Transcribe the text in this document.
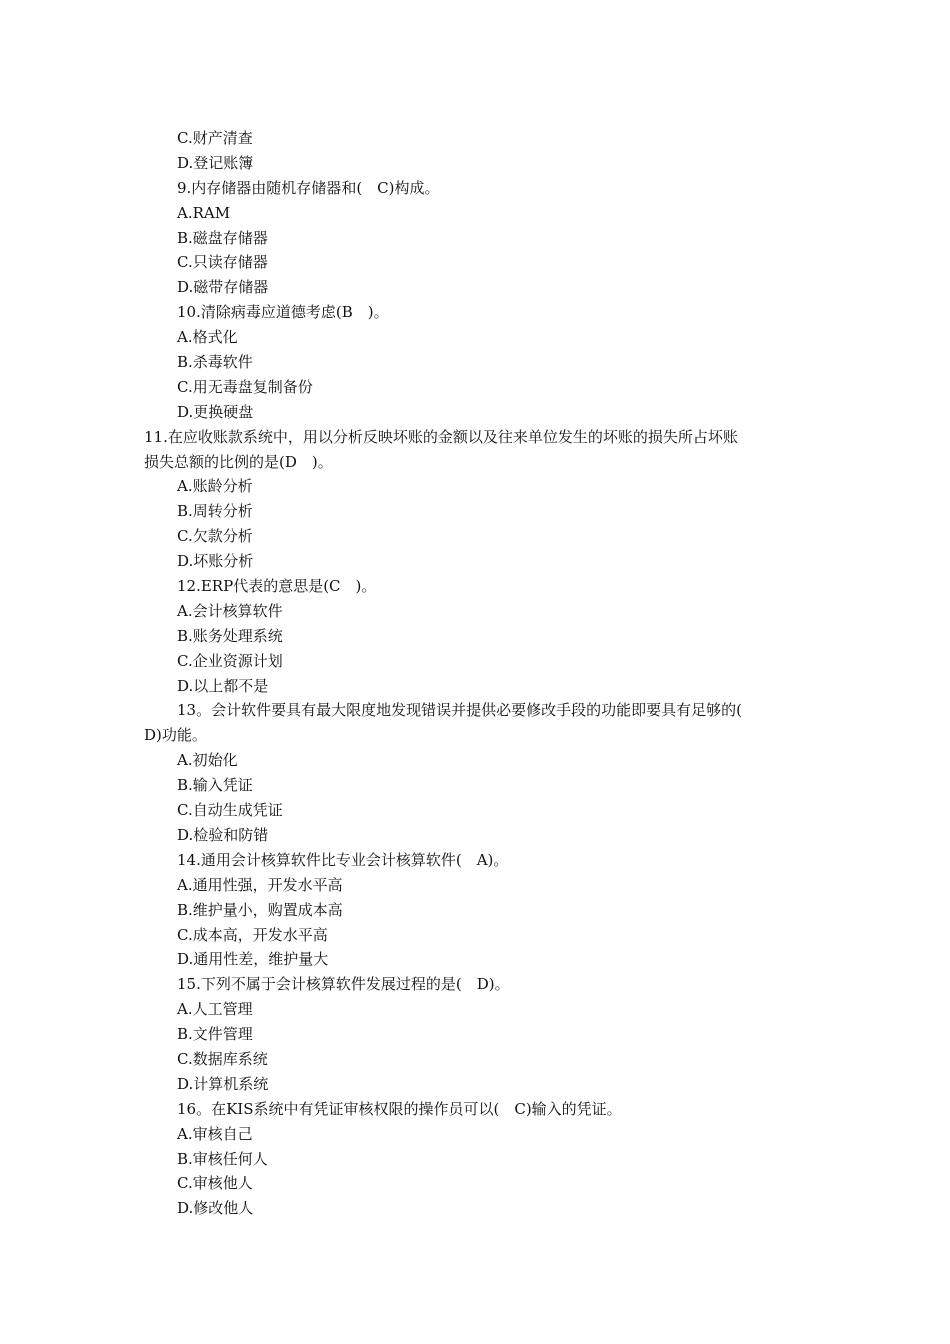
C.财产清查
D.登记账簿
9.内存储器由随机存储器和(　C)构成。
A.RAM
B.磁盘存储器
C.只读存储器
D.磁带存储器
10.清除病毒应道德考虑(B　)。
A.格式化
B.杀毒软件
C.用无毒盘复制备份
D.更换硬盘
11.在应收账款系统中，用以分析反映坏账的金额以及往来单位发生的坏账的损失所占坏账
损失总额的比例的是(D　)。
A.账龄分析
B.周转分析
C.欠款分析
D.坏账分析
12.ERP代表的意思是(C　)。
A.会计核算软件
B.账务处理系统
C.企业资源计划
D.以上都不是
13。会计软件要具有最大限度地发现错误并提供必要修改手段的功能即要具有足够的(
D)功能。
A.初始化
B.输入凭证
C.自动生成凭证
D.检验和防错
14.通用会计核算软件比专业会计核算软件(　A)。
A.通用性强，开发水平高
B.维护量小，购置成本高
C.成本高，开发水平高
D.通用性差，维护量大
15.下列不属于会计核算软件发展过程的是(　D)。
A.人工管理
B.文件管理
C.数据库系统
D.计算机系统
16。在KIS系统中有凭证审核权限的操作员可以(　C)输入的凭证。
A.审核自己
B.审核任何人
C.审核他人
D.修改他人
